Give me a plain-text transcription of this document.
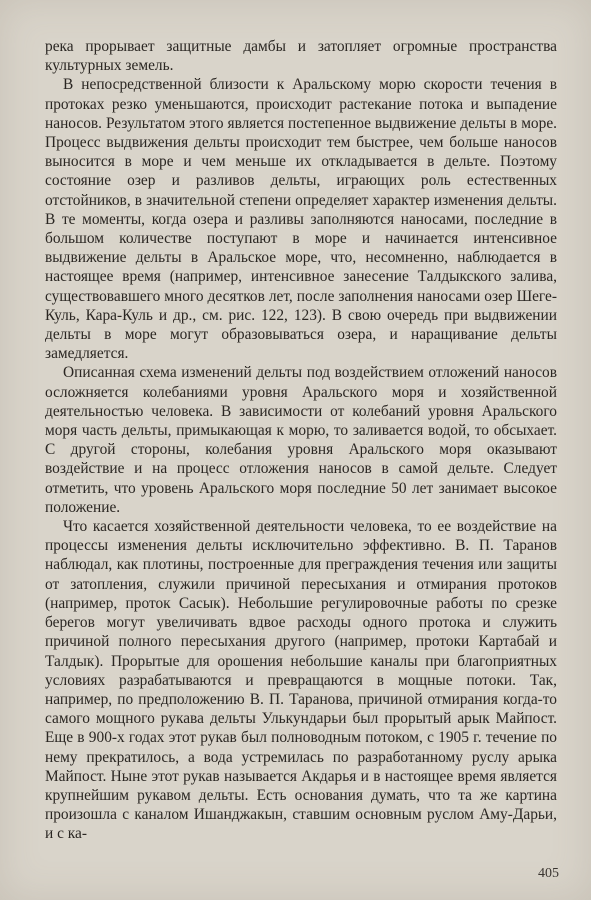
река прорывает защитные дамбы и затопляет огромные пространства культурных земель.

В непосредственной близости к Аральскому морю скорости течения в протоках резко уменьшаются, происходит растекание потока и выпадение наносов. Результатом этого является постепенное выдвижение дельты в море. Процесс выдвижения дельты происходит тем быстрее, чем больше наносов выносится в море и чем меньше их откладывается в дельте. Поэтому состояние озер и разливов дельты, играющих роль естественных отстойников, в значительной степени определяет характер изменения дельты. В те моменты, когда озера и разливы заполняются наносами, последние в большом количестве поступают в море и начинается интенсивное выдвижение дельты в Аральское море, что, несомненно, наблюдается в настоящее время (например, интенсивное занесение Талдыкского залива, существовавшего много десятков лет, после заполнения наносами озер Шеге-Куль, Кара-Куль и др., см. рис. 122, 123). В свою очередь при выдвижении дельты в море могут образовываться озера, и наращивание дельты замедляется.

Описанная схема изменений дельты под воздействием отложений наносов осложняется колебаниями уровня Аральского моря и хозяйственной деятельностью человека. В зависимости от колебаний уровня Аральского моря часть дельты, примыкающая к морю, то заливается водой, то обсыхает. С другой стороны, колебания уровня Аральского моря оказывают воздействие и на процесс отложения наносов в самой дельте. Следует отметить, что уровень Аральского моря последние 50 лет занимает высокое положение.

Что касается хозяйственной деятельности человека, то ее воздействие на процессы изменения дельты исключительно эффективно. В. П. Таранов наблюдал, как плотины, построенные для преграждения течения или защиты от затопления, служили причиной пересыхания и отмирания протоков (например, проток Сасык). Небольшие регулировочные работы по срезке берегов могут увеличивать вдвое расходы одного протока и служить причиной полного пересыхания другого (например, протоки Картабай и Талдык). Прорытые для орошения небольшие каналы при благоприятных условиях разрабатываются и превращаются в мощные потоки. Так, например, по предположению В. П. Таранова, причиной отмирания когда-то самого мощного рукава дельты Улькундарьи был прорытый арык Майпост. Еще в 900-х годах этот рукав был полноводным потоком, с 1905 г. течение по нему прекратилось, а вода устремилась по разработанному руслу арыка Майпост. Ныне этот рукав называется Акдарья и в настоящее время является крупнейшим рукавом дельты. Есть основания думать, что та же картина произошла с каналом Ишанджакын, ставшим основным руслом Аму-Дарьи, и с ка-

405
